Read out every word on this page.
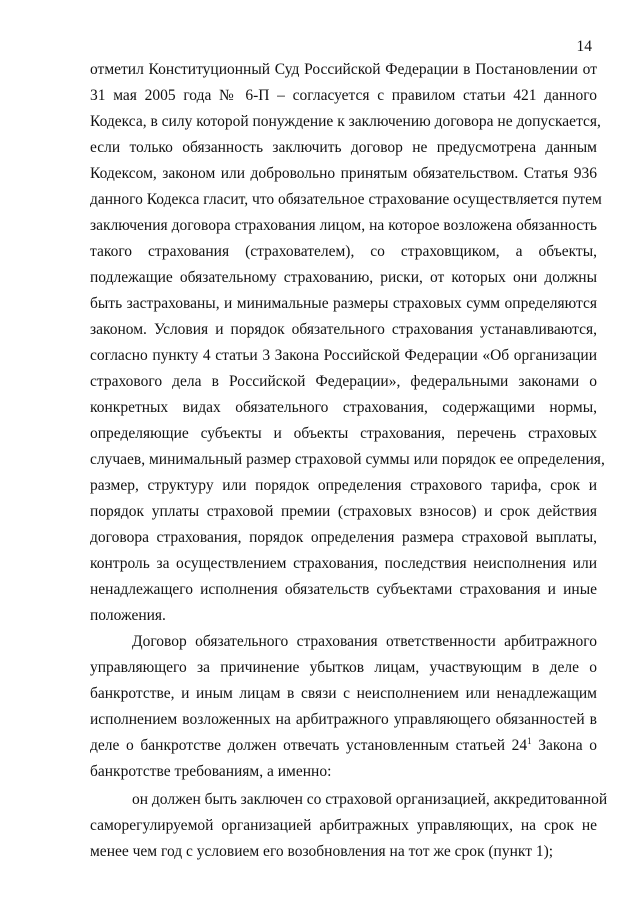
14
отметил Конституционный Суд Российской Федерации в Постановлении от
31 мая 2005 года № 6-П – согласуется с правилом статьи 421 данного
Кодекса, в силу которой понуждение к заключению договора не допускается,
если только обязанность заключить договор не предусмотрена данным
Кодексом, законом или добровольно принятым обязательством. Статья 936
данного Кодекса гласит, что обязательное страхование осуществляется путем
заключения договора страхования лицом, на которое возложена обязанность
такого страхования (страхователем), со страховщиком, а объекты,
подлежащие обязательному страхованию, риски, от которых они должны
быть застрахованы, и минимальные размеры страховых сумм определяются
законом. Условия и порядок обязательного страхования устанавливаются,
согласно пункту 4 статьи 3 Закона Российской Федерации «Об организации
страхового дела в Российской Федерации», федеральными законами о
конкретных видах обязательного страхования, содержащими нормы,
определяющие субъекты и объекты страхования, перечень страховых
случаев, минимальный размер страховой суммы или порядок ее определения,
размер, структуру или порядок определения страхового тарифа, срок и
порядок уплаты страховой премии (страховых взносов) и срок действия
договора страхования, порядок определения размера страховой выплаты,
контроль за осуществлением страхования, последствия неисполнения или
ненадлежащего исполнения обязательств субъектами страхования и иные
положения.
Договор обязательного страхования ответственности арбитражного
управляющего за причинение убытков лицам, участвующим в деле о
банкротстве, и иным лицам в связи с неисполнением или ненадлежащим
исполнением возложенных на арбитражного управляющего обязанностей в
деле о банкротстве должен отвечать установленным статьей $24^1$ Закона о
банкротстве требованиям, а именно:
он должен быть заключен со страховой организацией, аккредитованной
саморегулируемой организацией арбитражных управляющих, на срок не
менее чем год с условием его возобновления на тот же срок (пункт 1);
